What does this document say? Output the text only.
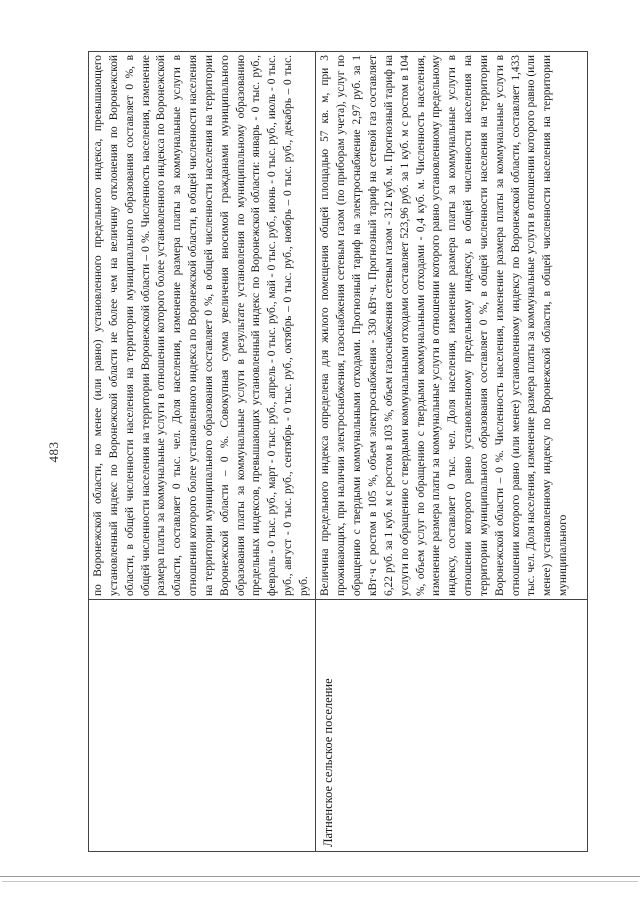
483

	по Воронежской области, но менее (или равно) установленного предельного индекса, превышающего установленный индекс по Воронежской области не более чем на величину отклонения по Воронежской области, в общей численности населения на территории муниципального образования составляет 0 %, в общей численности населения на территории Воронежской области – 0 %. Численность населения, изменение размера платы за коммунальные услуги в отношении которого более установленного индекса по Воронежской области, составляет 0 тыс. чел. Доля населения, изменение размера платы за коммунальные услуги в отношении которого более установленного индекса по Воронежской области, в общей численности населения на территории муниципального образования составляет 0 %, в общей численности населения на территории Воронежской области – 0 %. Совокупная сумма увеличения вносимой гражданами муниципального образования платы за коммунальные услуги в результате установления по муниципальному образованию предельных индексов, превышающих установленный индекс по Воронежской области: январь - 0 тыс. руб., февраль - 0 тыс. руб., март - 0 тыс. руб., апрель - 0 тыс. руб., май - 0 тыс. руб., июнь - 0 тыс. руб., июль - 0 тыс. руб., август - 0 тыс. руб., сентябрь - 0 тыс. руб., октябрь – 0 тыс. руб., ноябрь – 0 тыс. руб., декабрь – 0 тыс. руб.

Латненское сельское поселение	Величина предельного индекса определена для жилого помещения общей площадью 57 кв. м, при 3 проживающих, при наличии электроснабжения, газоснабжения сетевым газом (по приборам учета), услуг по обращению с твердыми коммунальными отходами. Прогнозный тариф на электроснабжение 2,97 руб. за 1 кВт·ч с ростом в 105 %, объем электроснабжения - 330 кВт·ч. Прогнозный тариф на сетевой газ составляет 6,22 руб. за 1 куб. м с ростом в 103 %, объем газоснабжения сетевым газом - 312 куб. м. Прогнозный тариф на услуги по обращению с твердыми коммунальными отходами составляет 523,96 руб. за 1 куб. м с ростом в 104 %, объем услуг по обращению с твердыми коммунальными отходами - 0,4 куб. м. Численность населения, изменение размера платы за коммунальные услуги в отношении которого равно установленному предельному индексу, составляет 0 тыс. чел. Доля населения, изменение размера платы за коммунальные услуги в отношении которого равно установленному предельному индексу, в общей численности населения на территории муниципального образования составляет 0 %, в общей численности населения на территории Воронежской области – 0 %. Численность населения, изменение размера платы за коммунальные услуги в отношении которого равно (или менее) установленному индексу по Воронежской области, составляет 1,433 тыс. чел. Доля населения, изменение размера платы за коммунальные услуги в отношении которого равно (или менее) установленному индексу по Воронежской области, в общей численности населения на территории муниципального
